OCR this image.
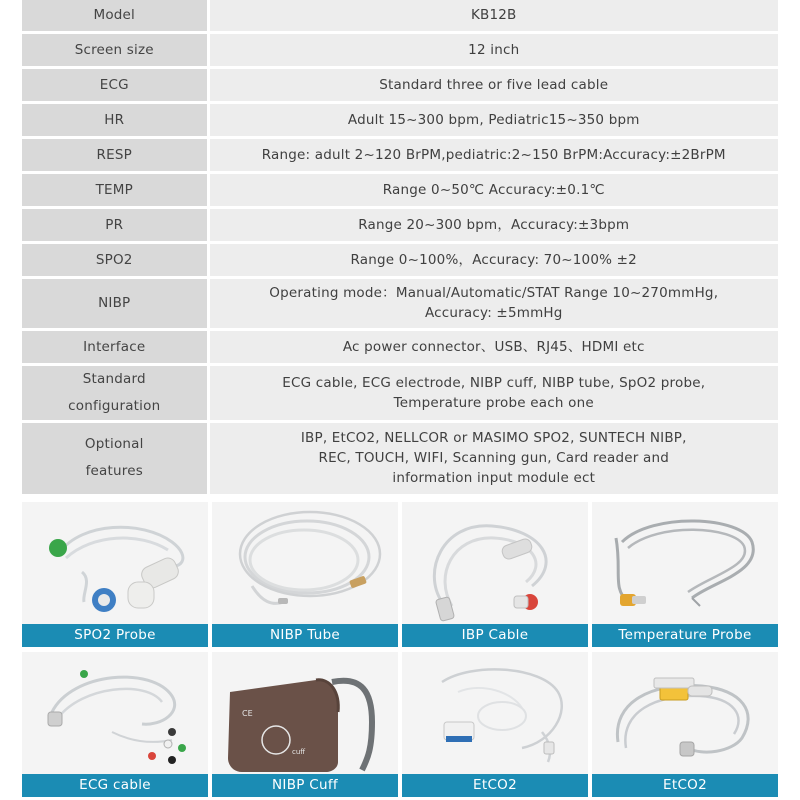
Model	KB12B
Screen size	12 inch
ECG	Standard three or five lead cable
HR	Adult 15~300 bpm, Pediatric15~350 bpm
RESP	Range: adult 2~120 BrPM,pediatric:2~150 BrPM:Accuracy:±2BrPM
TEMP	Range 0~50℃ Accuracy:±0.1℃
PR	Range 20~300 bpm，Accuracy:±3bpm
SPO2	Range 0~100%，Accuracy: 70~100% ±2
NIBP	Operating mode：Manual/Automatic/STAT Range 10~270mmHg,
Accuracy: ±5mmHg

Interface	Ac power connector、USB、RJ45、HDMI etc

Standard
configuration	ECG cable, ECG electrode, NIBP cuff, NIBP tube, SpO2 probe,
Temperature probe each one

Optional
features	IBP, EtCO2, NELLCOR or MASIMO SPO2, SUNTECH NIBP,
REC, TOUCH, WIFI, Scanning gun, Card reader and
information input module ect
SPO2 Probe	NIBP Tube	IBP Cable	Temperature Probe
ECG cable
CE
cuff
NIBP Cuff	EtCO2	EtCO2
